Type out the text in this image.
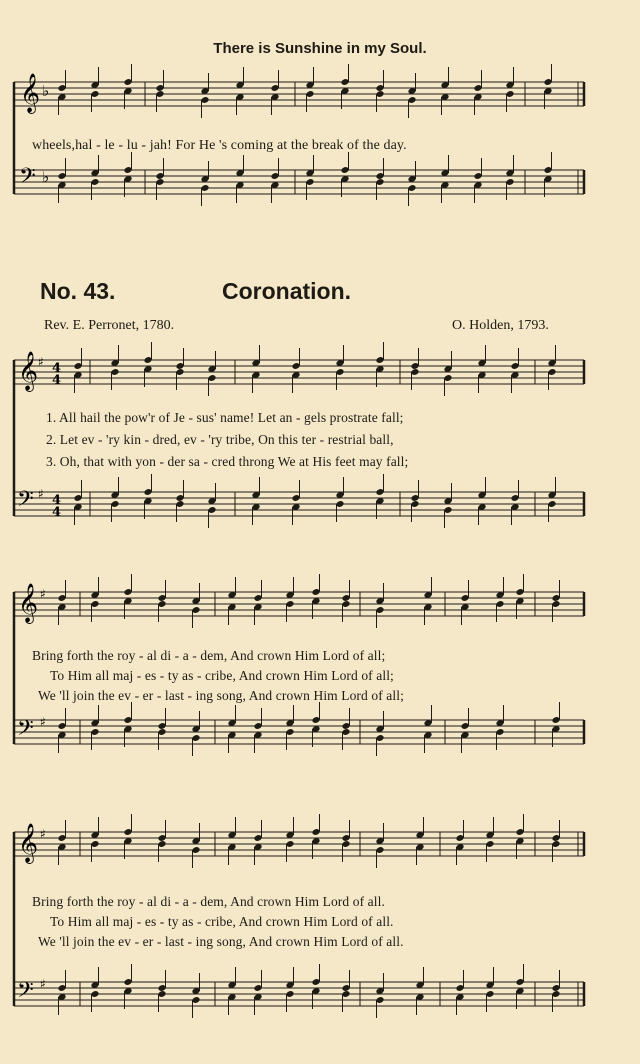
There is Sunshine in my Soul.
𝄞
𝄢
♭
♭
wheels,hal - le - lu - jah! For He 's coming at the break of the day.
No. 43.	Coronation.
Rev. E. Perronet, 1780.	O. Holden, 1793.
𝄞
𝄢
♯
♯
4
4
4
4
1. All hail the pow'r of Je - sus' name! Let an - gels prostrate fall;
2. Let ev - 'ry kin - dred, ev - 'ry tribe, On this ter - restrial ball,
3. Oh, that with yon - der sa - cred throng We at His feet may fall;
𝄞
𝄢
♯
♯
Bring forth the roy - al di - a - dem, And crown Him Lord of all;
To Him all maj - es - ty as - cribe, And crown Him Lord of all;
We 'll join the ev - er - last - ing song, And crown Him Lord of all;
𝄞
𝄢
♯
♯
Bring forth the roy - al di - a - dem, And crown Him Lord of all.
To Him all maj - es - ty as - cribe, And crown Him Lord of all.
We 'll join the ev - er - last - ing song, And crown Him Lord of all.
